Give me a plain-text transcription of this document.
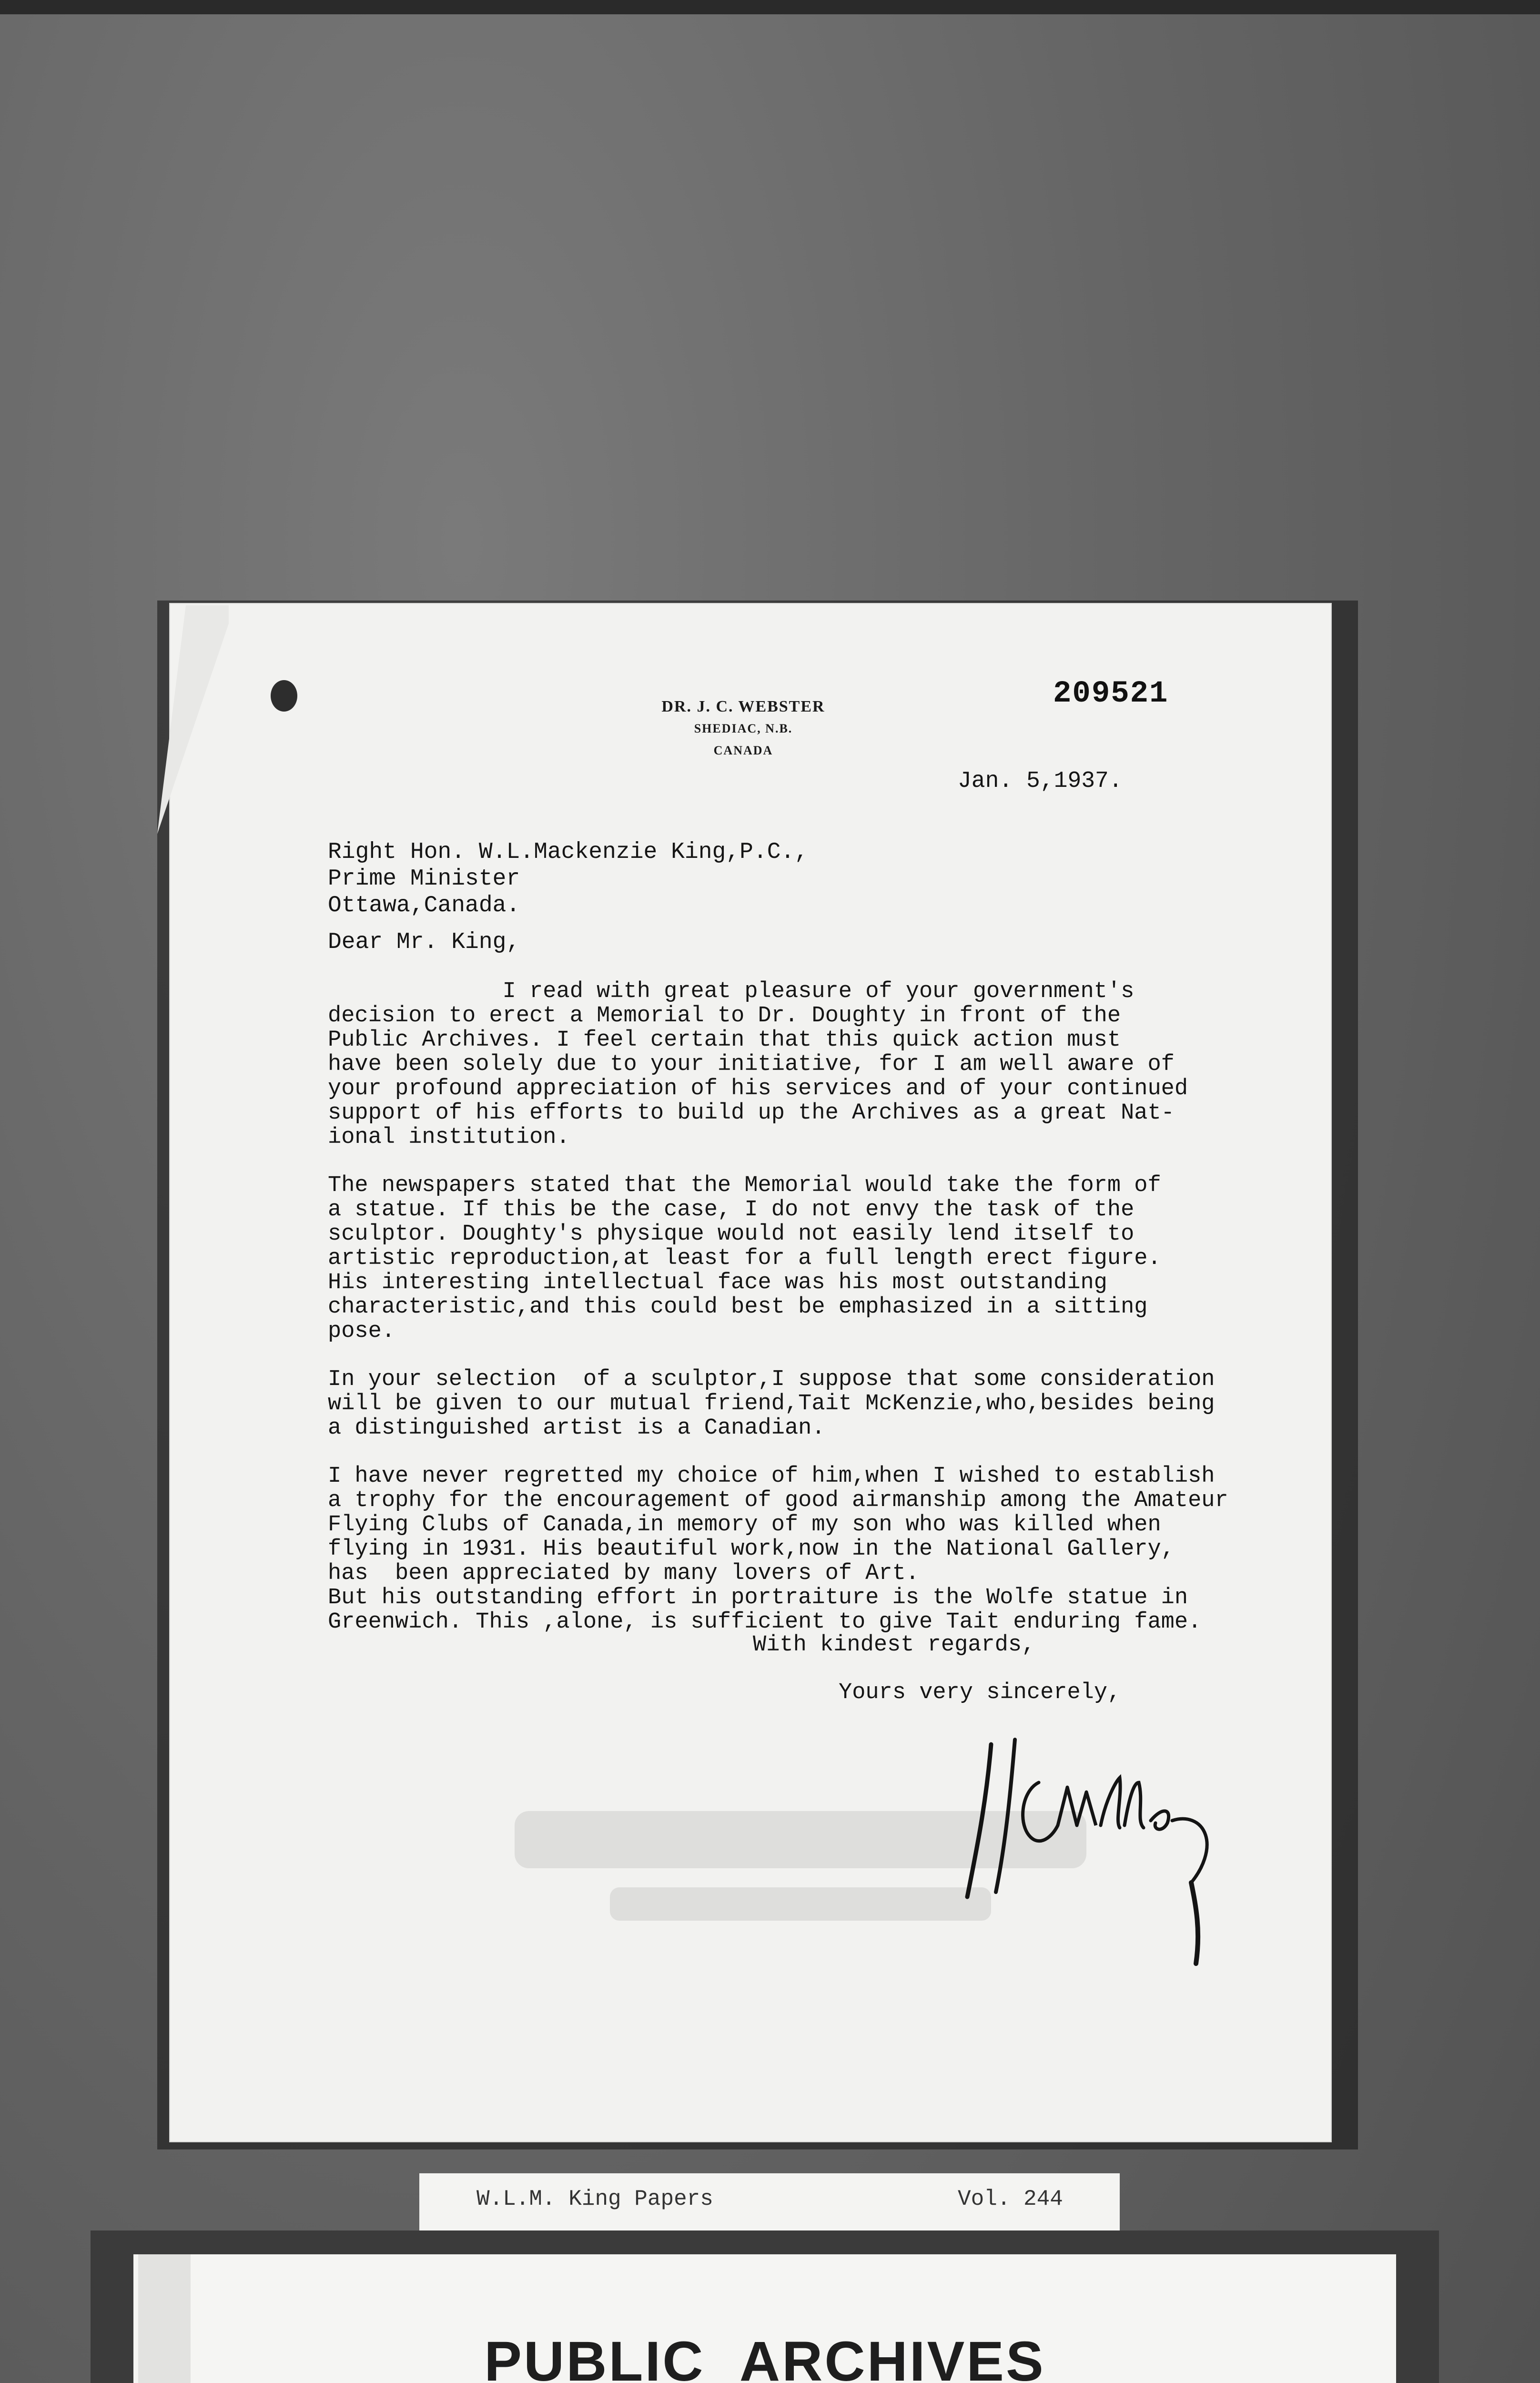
DR. J. C. WEBSTER
SHEDIAC, N.B.
CANADA
209521
Jan. 5,1937.
Right Hon. W.L.Mackenzie King,P.C.,
Prime Minister
Ottawa,Canada.
Dear Mr. King,
I read with great pleasure of your government's
decision to erect a Memorial to Dr. Doughty in front of the
Public Archives. I feel certain that this quick action must
have been solely due to your initiative, for I am well aware of
your profound appreciation of his services and of your continued
support of his efforts to build up the Archives as a great Nat-
ional institution.
The newspapers stated that the Memorial would take the form of
a statue. If this be the case, I do not envy the task of the
sculptor. Doughty's physique would not easily lend itself to
artistic reproduction,at least for a full length erect figure.
His interesting intellectual face was his most outstanding
characteristic,and this could best be emphasized in a sitting
pose.
In your selection  of a sculptor,I suppose that some consideration
will be given to our mutual friend,Tait McKenzie,who,besides being
a distinguished artist is a Canadian.
I have never regretted my choice of him,when I wished to establish
a trophy for the encouragement of good airmanship among the Amateur
Flying Clubs of Canada,in memory of my son who was killed when
flying in 1931. His beautiful work,now in the National Gallery,
has  been appreciated by many lovers of Art.
But his outstanding effort in portraiture is the Wolfe statue in
Greenwich. This ,alone, is sufficient to give Tait enduring fame.
With kindest regards,
Yours very sincerely,
W.L.M. King Papers	Vol. 244
PUBLIC ARCHIVES
